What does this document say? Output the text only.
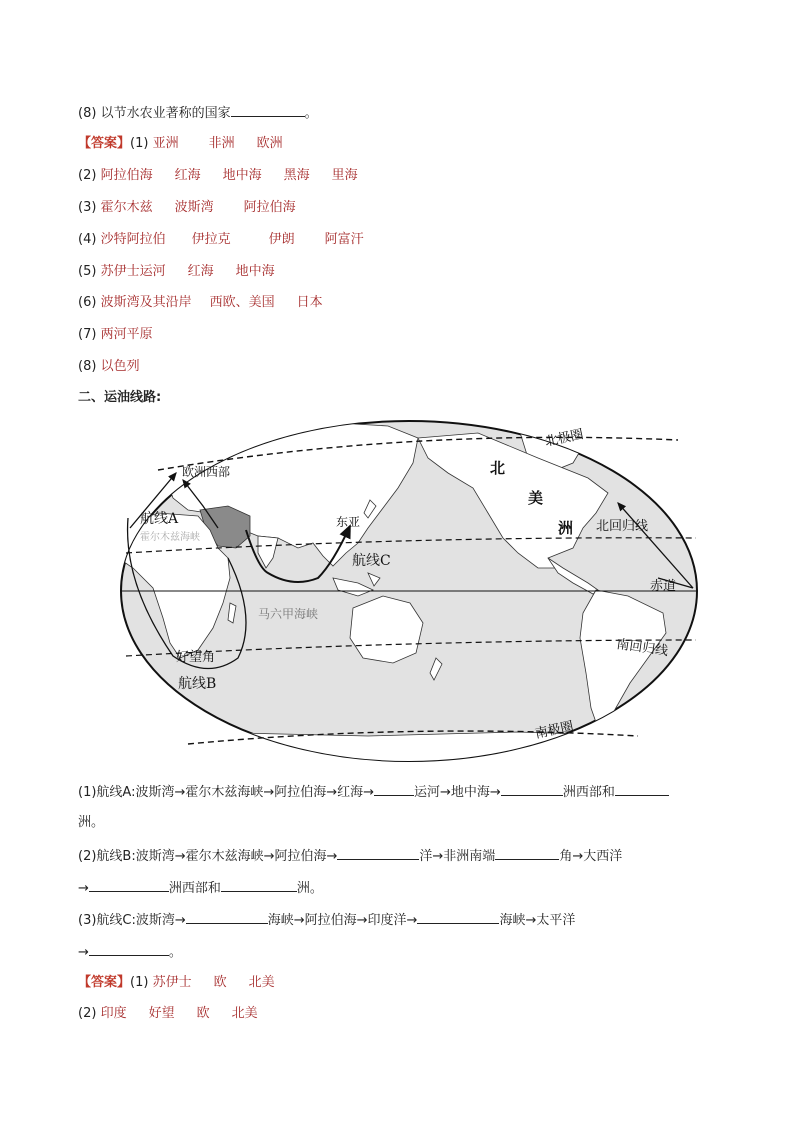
(8) 以节水农业著称的国家	。
【答案】(1) 亚洲 非洲 欧洲
(2) 阿拉伯海 红海 地中海 黑海 里海
(3) 霍尔木兹 波斯湾 阿拉伯海
(4) 沙特阿拉伯 伊拉克	伊朗 阿富汗
(5) 苏伊士运河 红海 地中海
(6) 波斯湾及其沿岸 西欧、美国 日本
(7) 两河平原
(8) 以色列
二、运油线路:
北极圈
北回归线
赤道
南回归线
南极圈
欧洲西部
东亚
北
美
洲
航线A
航线B
航线C
好望角
马六甲海峡
霍尔木兹海峡
(1)航线A:波斯湾→霍尔木兹海峡→阿拉伯海→红海→	运河→地中海→	洲西部和
洲。
(2)航线B:波斯湾→霍尔木兹海峡→阿拉伯海→	洋→非洲南端	角→大西洋
→	洲西部和	洲。
(3)航线C:波斯湾→	海峡→阿拉伯海→印度洋→	海峡→太平洋
→	。
【答案】(1) 苏伊士 欧 北美
(2) 印度 好望 欧 北美
